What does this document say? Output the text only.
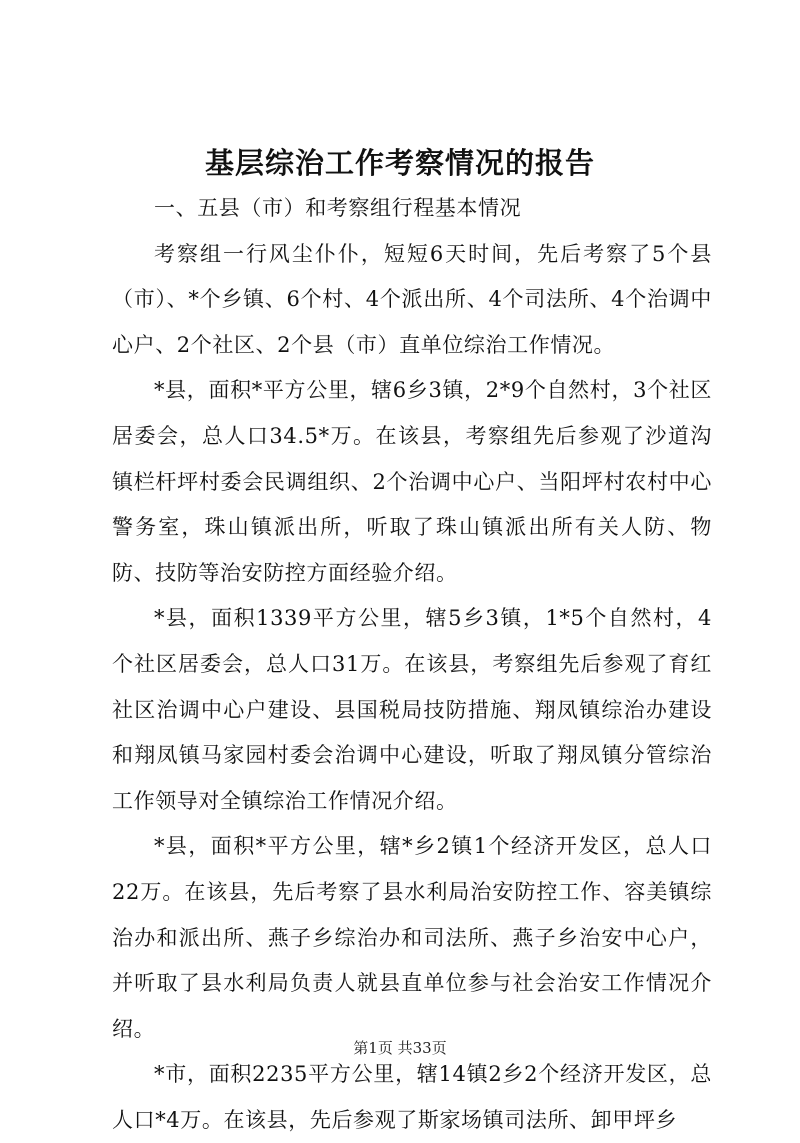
基层综治工作考察情况的报告

一、五县（市）和考察组行程基本情况

考察组一行风尘仆仆，短短6天时间，先后考察了5个县（市）、*个乡镇、6个村、4个派出所、4个司法所、4个治调中心户、2个社区、2个县（市）直单位综治工作情况。

*县，面积*平方公里，辖6乡3镇，2*9个自然村，3个社区居委会，总人口34.5*万。在该县，考察组先后参观了沙道沟镇栏杆坪村委会民调组织、2个治调中心户、当阳坪村农村中心警务室，珠山镇派出所，听取了珠山镇派出所有关人防、物防、技防等治安防控方面经验介绍。

*县，面积1339平方公里，辖5乡3镇，1*5个自然村，4个社区居委会，总人口31万。在该县，考察组先后参观了育红社区治调中心户建设、县国税局技防措施、翔凤镇综治办建设和翔凤镇马家园村委会治调中心建设，听取了翔凤镇分管综治工作领导对全镇综治工作情况介绍。

*县，面积*平方公里，辖*乡2镇1个经济开发区，总人口22万。在该县，先后考察了县水利局治安防控工作、容美镇综治办和派出所、燕子乡综治办和司法所、燕子乡治安中心户，并听取了县水利局负责人就县直单位参与社会治安工作情况介绍。

*市，面积2235平方公里，辖14镇2乡2个经济开发区，总人口*4万。在该县，先后参观了斯家场镇司法所、卸甲坪乡

第1页 共33页
